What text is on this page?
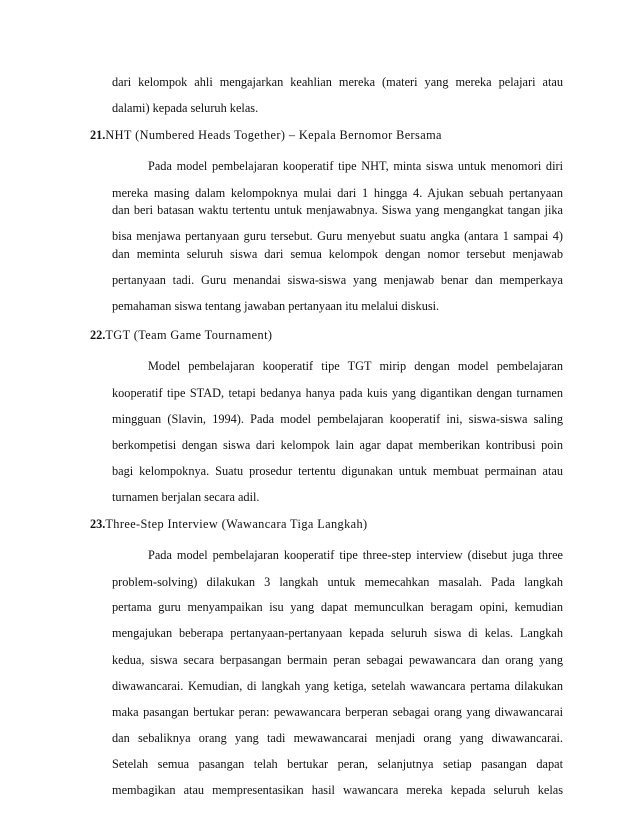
dari kelompok ahli mengajarkan keahlian mereka (materi yang mereka pelajari atau
dalami) kepada seluruh kelas.
21.NHT (Numbered Heads Together) – Kepala Bernomor Bersama
Pada model pembelajaran kooperatif tipe NHT, minta siswa untuk menomori diri
mereka masing dalam kelompoknya mulai dari 1 hingga 4. Ajukan sebuah pertanyaan
dan beri batasan waktu tertentu untuk menjawabnya. Siswa yang mengangkat tangan jika
bisa menjawa pertanyaan guru tersebut. Guru menyebut suatu angka (antara 1 sampai 4)
dan meminta seluruh siswa dari semua kelompok dengan nomor tersebut menjawab
pertanyaan tadi. Guru menandai siswa-siswa yang menjawab benar dan memperkaya
pemahaman siswa tentang jawaban pertanyaan itu melalui diskusi.
22.TGT (Team Game Tournament)
Model pembelajaran kooperatif tipe TGT mirip dengan model pembelajaran
kooperatif tipe STAD, tetapi bedanya hanya pada kuis yang digantikan dengan turnamen
mingguan (Slavin, 1994). Pada model pembelajaran kooperatif ini, siswa-siswa saling
berkompetisi dengan siswa dari kelompok lain agar dapat memberikan kontribusi poin
bagi kelompoknya. Suatu prosedur tertentu digunakan untuk membuat permainan atau
turnamen berjalan secara adil.
23.Three-Step Interview (Wawancara Tiga Langkah)
Pada model pembelajaran kooperatif tipe three-step interview (disebut juga three
problem-solving) dilakukan 3 langkah untuk memecahkan masalah. Pada langkah
pertama guru menyampaikan isu yang dapat memunculkan beragam opini, kemudian
mengajukan beberapa pertanyaan-pertanyaan kepada seluruh siswa di kelas. Langkah
kedua, siswa secara berpasangan bermain peran sebagai pewawancara dan orang yang
diwawancarai. Kemudian, di langkah yang ketiga, setelah wawancara pertama dilakukan
maka pasangan bertukar peran: pewawancara berperan sebagai orang yang diwawancarai
dan sebaliknya orang yang tadi mewawancarai menjadi orang yang diwawancarai.
Setelah semua pasangan telah bertukar peran, selanjutnya setiap pasangan dapat
membagikan atau mempresentasikan hasil wawancara mereka kepada seluruh kelas
